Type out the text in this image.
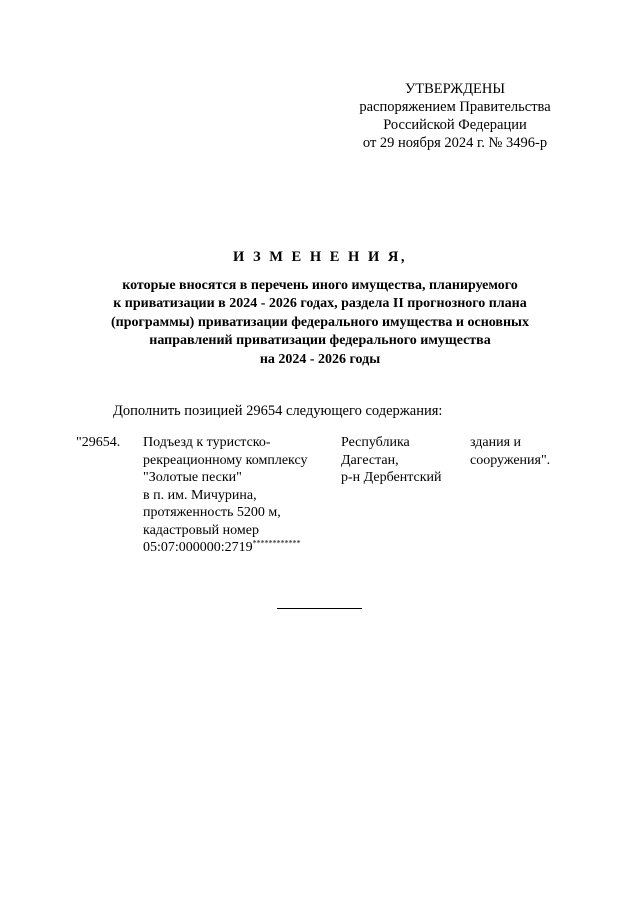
УТВЕРЖДЕНЫ
распоряжением Правительства
Российской Федерации
от 29 ноября 2024 г. № 3496-р
И З М Е Н Е Н И Я,
которые вносятся в перечень иного имущества, планируемого
к приватизации в 2024 - 2026 годах, раздела II прогнозного плана
(программы) приватизации федерального имущества и основных
направлений приватизации федерального имущества
на 2024 - 2026 годы
Дополнить позицией 29654 следующего содержания:
"29654.	Подъезд к туристско-
рекреационному комплексу
"Золотые пески"
в п. им. Мичурина,
протяженность 5200 м,
кадастровый номер
05:07:000000:2719************
Республика
Дагестан,
р-н Дербентский
здания и
сооружения".
